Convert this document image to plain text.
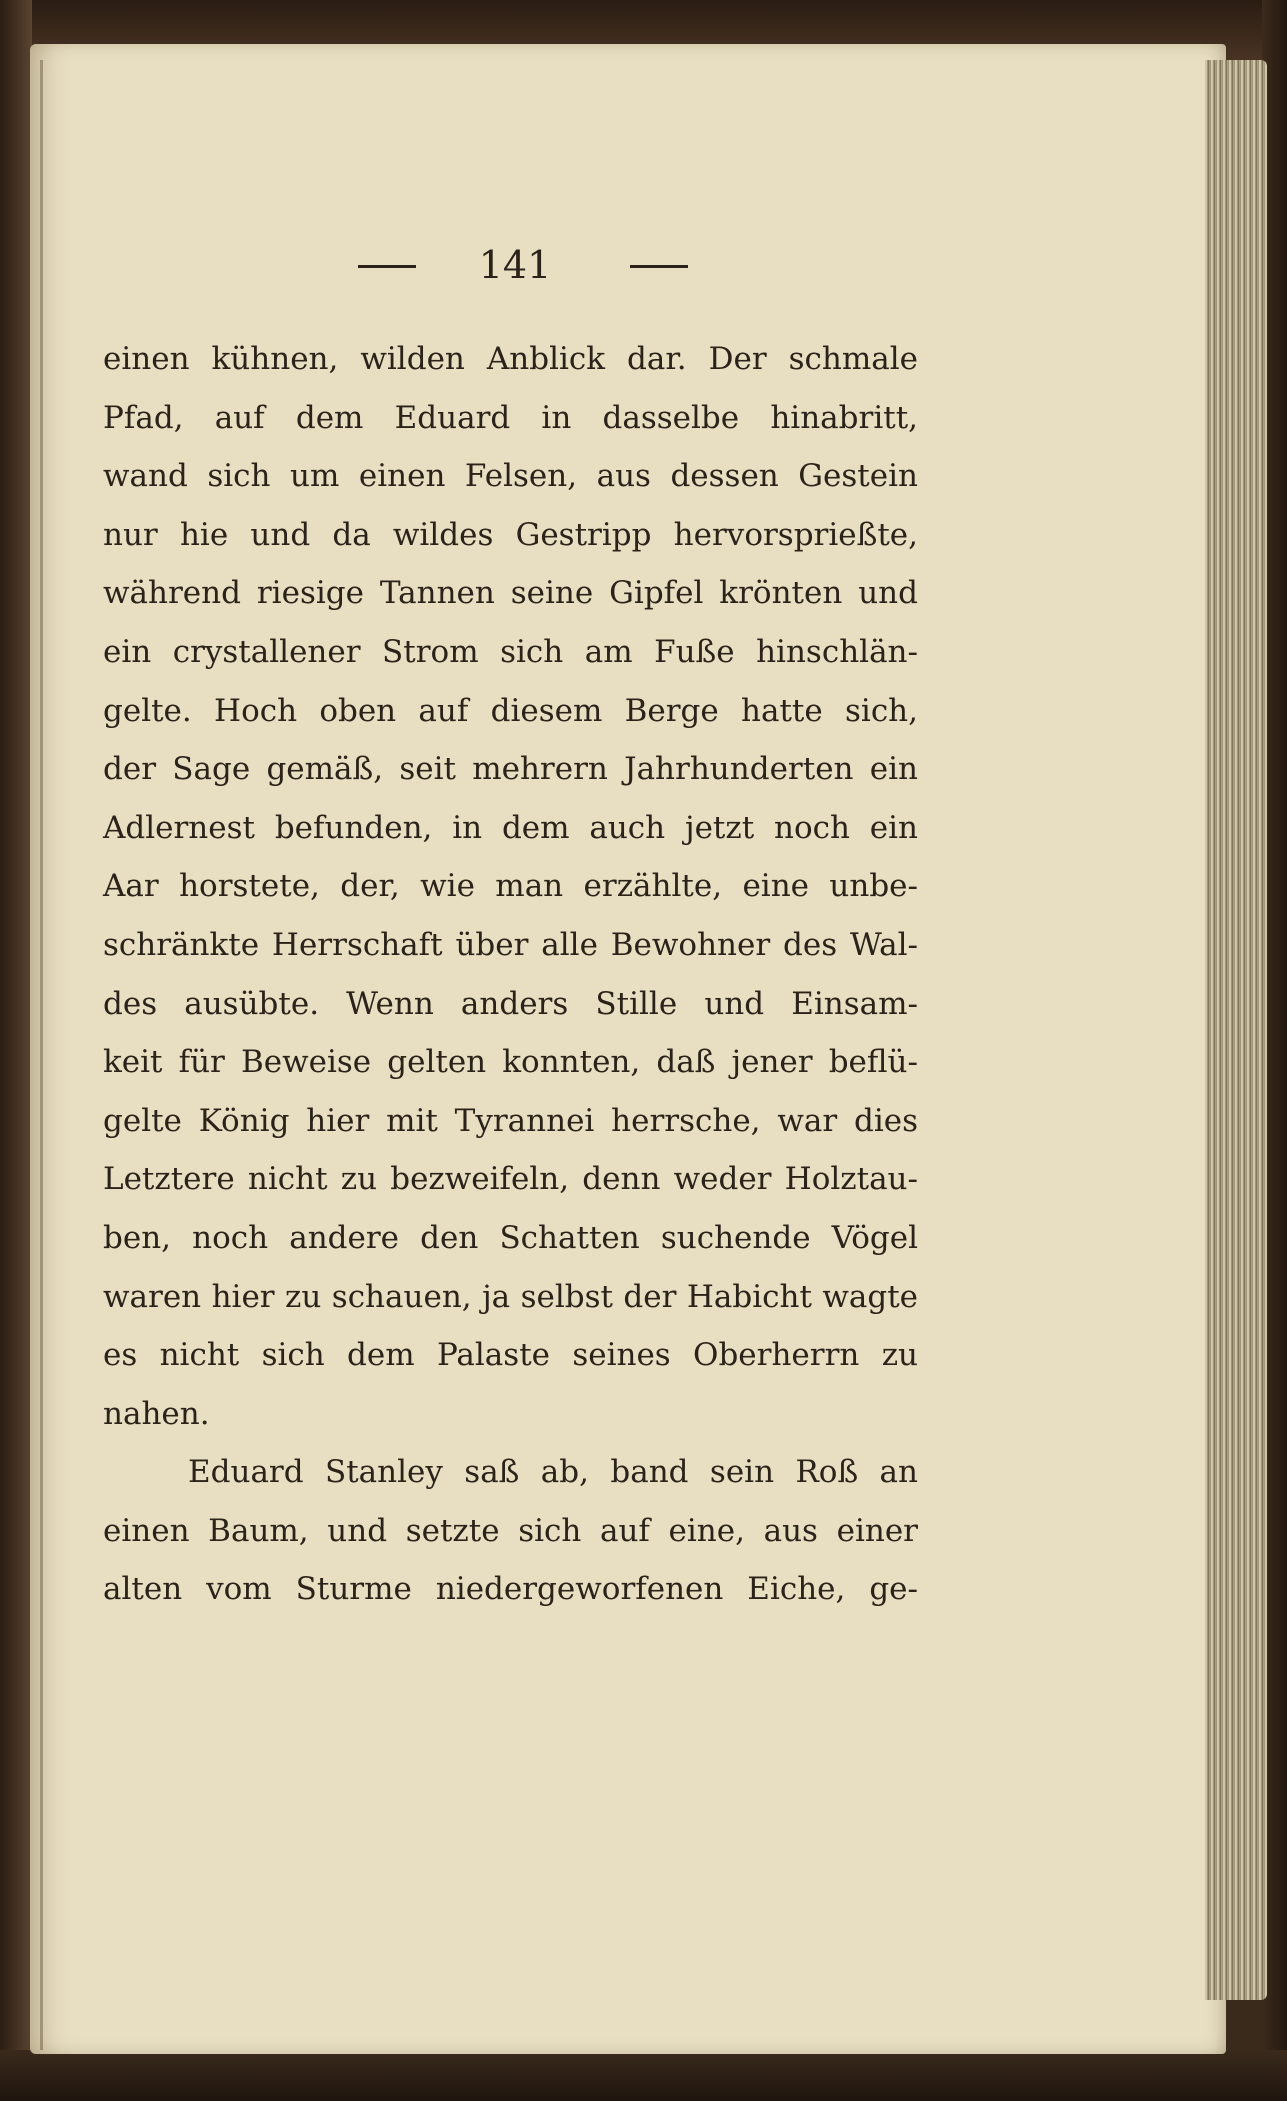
141
einen kühnen, wilden Anblick dar. Der schmale
Pfad, auf dem Eduard in dasselbe hinabritt,
wand sich um einen Felsen, aus dessen Gestein
nur hie und da wildes Gestripp hervorsprießte,
während riesige Tannen seine Gipfel krönten und
ein crystallener Strom sich am Fuße hinschlän-
gelte. Hoch oben auf diesem Berge hatte sich,
der Sage gemäß, seit mehrern Jahrhunderten ein
Adlernest befunden, in dem auch jetzt noch ein
Aar horstete, der, wie man erzählte, eine unbe-
schränkte Herrschaft über alle Bewohner des Wal-
des ausübte. Wenn anders Stille und Einsam-
keit für Beweise gelten konnten, daß jener beflü-
gelte König hier mit Tyrannei herrsche, war dies
Letztere nicht zu bezweifeln, denn weder Holztau-
ben, noch andere den Schatten suchende Vögel
waren hier zu schauen, ja selbst der Habicht wagte
es nicht sich dem Palaste seines Oberherrn zu
nahen.
Eduard Stanley saß ab, band sein Roß an
einen Baum, und setzte sich auf eine, aus einer
alten vom Sturme niedergeworfenen Eiche, ge-
